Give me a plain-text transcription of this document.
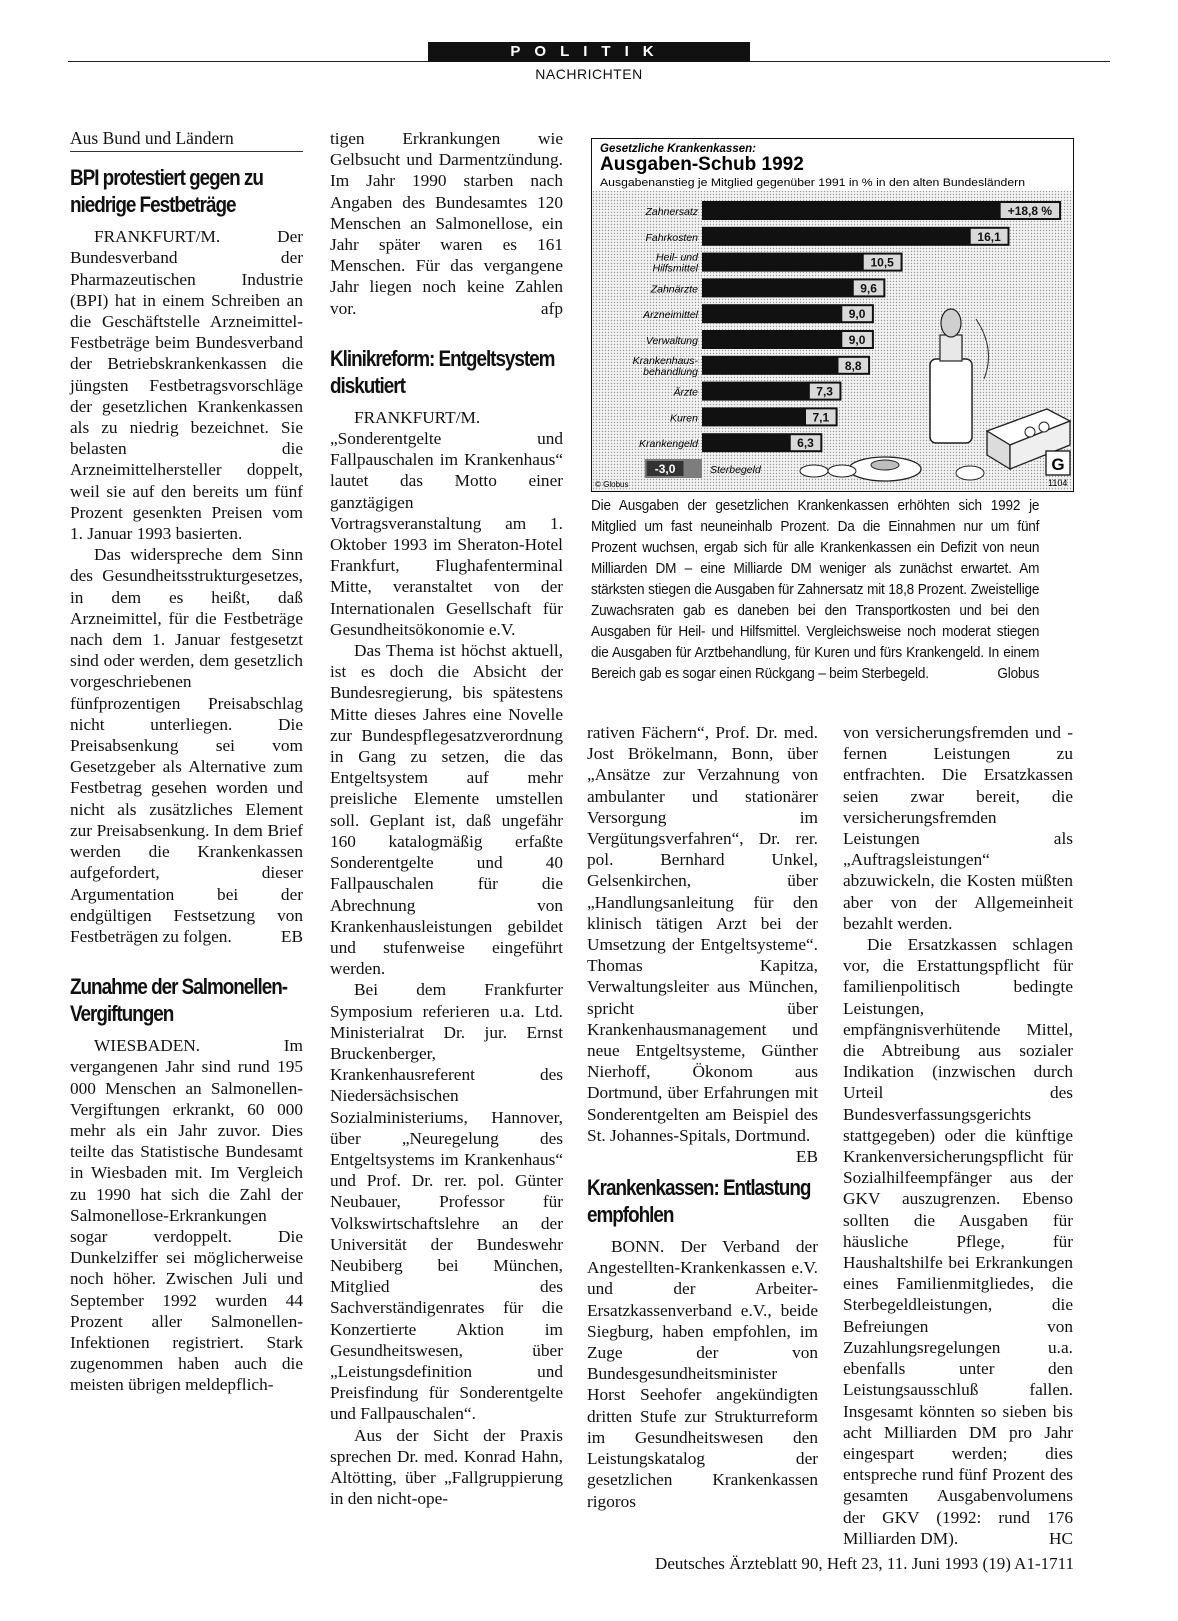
POLITIK
NACHRICHTEN
Aus Bund und Ländern
BPI protestiert gegen zu niedrige Festbeträge

FRANKFURT/M. Der Bundesverband der Pharmazeutischen Industrie (BPI) hat in einem Schreiben an die Geschäftstelle Arzneimittel-Festbeträge beim Bundesverband der Betriebskrankenkassen die jüngsten Festbetragsvorschläge der gesetzlichen Krankenkassen als zu niedrig bezeichnet. Sie belasten die Arzneimittelhersteller doppelt, weil sie auf den bereits um fünf Prozent gesenkten Preisen vom 1. Januar 1993 basierten.

Das widerspreche dem Sinn des Gesundheitsstrukturgesetzes, in dem es heißt, daß Arzneimittel, für die Festbeträge nach dem 1. Januar festgesetzt sind oder werden, dem gesetzlich vorgeschriebenen fünfprozentigen Preisabschlag nicht unterliegen. Die Preisabsenkung sei vom Gesetzgeber als Alternative zum Festbetrag gesehen worden und nicht als zusätzliches Element zur Preisabsenkung. In dem Brief werden die Krankenkassen aufgefordert, dieser Argumentation bei der endgültigen Festsetzung von Festbeträgen zu folgen.	EB

Zunahme der Salmonellen-Vergiftungen

WIESBADEN. Im vergangenen Jahr sind rund 195 000 Menschen an Salmonellen-Vergiftungen erkrankt, 60 000 mehr als ein Jahr zuvor. Dies teilte das Statistische Bundesamt in Wiesbaden mit. Im Vergleich zu 1990 hat sich die Zahl der Salmonellose-Erkrankungen sogar verdoppelt. Die Dunkelziffer sei möglicherweise noch höher. Zwischen Juli und September 1992 wurden 44 Prozent aller Salmonellen-Infektionen registriert. Stark zugenommen haben auch die meisten übrigen meldepflich-

tigen Erkrankungen wie Gelbsucht und Darmentzündung. Im Jahr 1990 starben nach Angaben des Bundesamtes 120 Menschen an Salmonellose, ein Jahr später waren es 161 Menschen. Für das vergangene Jahr liegen noch keine Zahlen vor.	afp

Klinikreform: Entgeltsystem diskutiert

FRANKFURT/M. „Sonderentgelte und Fallpauschalen im Krankenhaus“ lautet das Motto einer ganztägigen Vortragsveranstaltung am 1. Oktober 1993 im Sheraton-Hotel Frankfurt, Flughafenterminal Mitte, veranstaltet von der Internationalen Gesellschaft für Gesundheitsökonomie e.V.

Das Thema ist höchst aktuell, ist es doch die Absicht der Bundesregierung, bis spätestens Mitte dieses Jahres eine Novelle zur Bundespflegesatzverordnung in Gang zu setzen, die das Entgeltsystem auf mehr preisliche Elemente umstellen soll. Geplant ist, daß ungefähr 160 katalogmäßig erfaßte Sonderentgelte und 40 Fallpauschalen für die Abrechnung von Krankenhausleistungen gebildet und stufenweise eingeführt werden.

Bei dem Frankfurter Symposium referieren u.a. Ltd. Ministerialrat Dr. jur. Ernst Bruckenberger, Krankenhausreferent des Niedersächsischen Sozialministeriums, Hannover, über „Neuregelung des Entgeltsystems im Krankenhaus“ und Prof. Dr. rer. pol. Günter Neubauer, Professor für Volkswirtschaftslehre an der Universität der Bundeswehr Neubiberg bei München, Mitglied des Sachverständigenrates für die Konzertierte Aktion im Gesundheitswesen, über „Leistungsdefinition und Preisfindung für Sonderentgelte und Fallpauschalen“.

Aus der Sicht der Praxis sprechen Dr. med. Konrad Hahn, Altötting, über „Fallgruppierung in den nicht-ope-

Gesetzliche Krankenkassen:
Ausgaben-Schub 1992
Ausgabenanstieg je Mitglied gegenüber 1991 in % in den alten Bundesländern
Zahnersatz	+18,8 %
Fahrkosten	16,1
Heil- und Hilfsmittel	10,5
Zahnärzte	9,6
Arzneimittel	9,0
Verwaltung	9,0
Krankenhaus-behandlung	8,8
Ärzte	7,3
Kuren	7,1
Krankengeld	6,3
Sterbegeld
-3,0
© Globus
G
1104
Die Ausgaben der gesetzlichen Krankenkassen erhöhten sich 1992 je Mitglied um fast neuneinhalb Prozent. Da die Einnahmen nur um fünf Prozent wuchsen, ergab sich für alle Krankenkassen ein Defizit von neun Milliarden DM – eine Milliarde DM weniger als zunächst erwartet. Am stärksten stiegen die Ausgaben für Zahnersatz mit 18,8 Prozent. Zweistellige Zuwachsraten gab es daneben bei den Transportkosten und bei den Ausgaben für Heil- und Hilfsmittel. Vergleichsweise noch moderat stiegen die Ausgaben für Arztbehandlung, für Kuren und fürs Krankengeld. In einem Bereich gab es sogar einen Rückgang – beim Sterbegeld.	Globus

rativen Fächern“, Prof. Dr. med. Jost Brökelmann, Bonn, über „Ansätze zur Verzahnung von ambulanter und stationärer Versorgung im Vergütungsverfahren“, Dr. rer. pol. Bernhard Unkel, Gelsenkirchen, über „Handlungsanleitung für den klinisch tätigen Arzt bei der Umsetzung der Entgeltsysteme“. Thomas Kapitza, Verwaltungsleiter aus München, spricht über Krankenhausmanagement und neue Entgeltsysteme, Günther Nierhoff, Ökonom aus Dortmund, über Erfahrungen mit Sonderentgelten am Beispiel des St. Johannes-Spitals, Dortmund.
EB

Krankenkassen: Entlastung empfohlen

BONN. Der Verband der Angestellten-Krankenkassen e.V. und der Arbeiter-Ersatzkassenverband e.V., beide Siegburg, haben empfohlen, im Zuge der von Bundesgesundheitsminister Horst Seehofer angekündigten dritten Stufe zur Strukturreform im Gesundheitswesen den Leistungskatalog der gesetzlichen Krankenkassen rigoros

von versicherungsfremden und -fernen Leistungen zu entfrachten. Die Ersatzkassen seien zwar bereit, die versicherungsfremden Leistungen als „Auftragsleistungen“ abzuwickeln, die Kosten müßten aber von der Allgemeinheit bezahlt werden.

Die Ersatzkassen schlagen vor, die Erstattungspflicht für familienpolitisch bedingte Leistungen, empfängnisverhütende Mittel, die Abtreibung aus sozialer Indikation (inzwischen durch Urteil des Bundesverfassungsgerichts stattgegeben) oder die künftige Krankenversicherungspflicht für Sozialhilfeempfänger aus der GKV auszugrenzen. Ebenso sollten die Ausgaben für häusliche Pflege, für Haushaltshilfe bei Erkrankungen eines Familienmitgliedes, die Sterbegeldleistungen, die Befreiungen von Zuzahlungsregelungen u.a. ebenfalls unter den Leistungsausschluß fallen. Insgesamt könnten so sieben bis acht Milliarden DM pro Jahr eingespart werden; dies entspreche rund fünf Prozent des gesamten Ausgabenvolumens der GKV (1992: rund 176 Milliarden DM).	HC

Deutsches Ärzteblatt 90, Heft 23, 11. Juni 1993 (19) A1-1711
